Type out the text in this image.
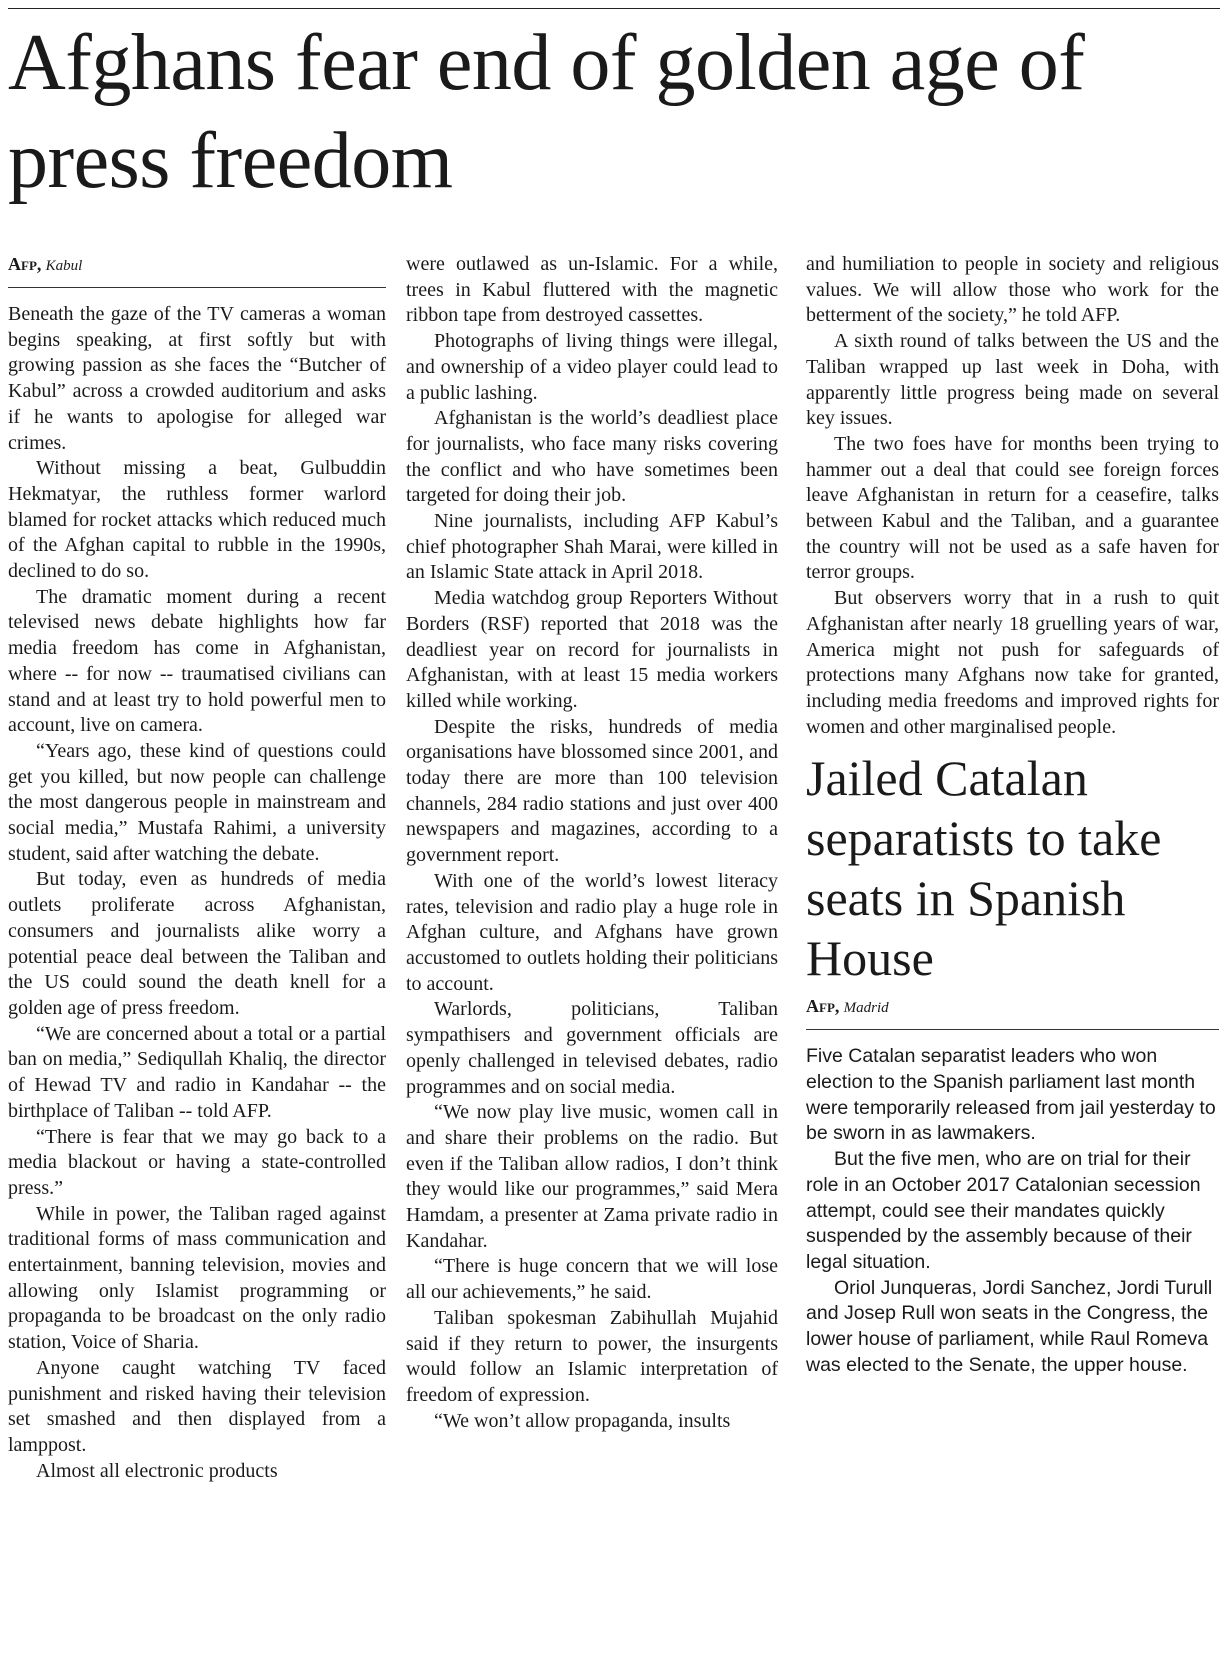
Afghans fear end of golden age of press freedom
Afp, Kabul

Beneath the gaze of the TV cameras a woman begins speaking, at first softly but with growing passion as she faces the “Butcher of Kabul” across a crowded auditorium and asks if he wants to apologise for alleged war crimes.

Without missing a beat, Gulbuddin Hekmatyar, the ruthless former warlord blamed for rocket attacks which reduced much of the Afghan capital to rubble in the 1990s, declined to do so.

The dramatic moment during a recent televised news debate highlights how far media freedom has come in Afghanistan, where -- for now -- traumatised civilians can stand and at least try to hold powerful men to account, live on camera.

“Years ago, these kind of questions could get you killed, but now people can challenge the most dangerous people in mainstream and social media,” Mustafa Rahimi, a university student, said after watching the debate.

But today, even as hundreds of media outlets proliferate across Afghanistan, consumers and journalists alike worry a potential peace deal between the Taliban and the US could sound the death knell for a golden age of press freedom.

“We are concerned about a total or a partial ban on media,” Sediqullah Khaliq, the director of Hewad TV and radio in Kandahar -- the birthplace of Taliban -- told AFP.

“There is fear that we may go back to a media blackout or having a state-controlled press.”

While in power, the Taliban raged against traditional forms of mass communication and entertainment, banning television, movies and allowing only Islamist programming or propaganda to be broadcast on the only radio station, Voice of Sharia.

Anyone caught watching TV faced punishment and risked having their television set smashed and then displayed from a lamppost.

Almost all electronic products

were outlawed as un-Islamic. For a while, trees in Kabul fluttered with the magnetic ribbon tape from destroyed cassettes.

Photographs of living things were illegal, and ownership of a video player could lead to a public lashing.

Afghanistan is the world’s deadliest place for journalists, who face many risks covering the conflict and who have sometimes been targeted for doing their job.

Nine journalists, including AFP Kabul’s chief photographer Shah Marai, were killed in an Islamic State attack in April 2018.

Media watchdog group Reporters Without Borders (RSF) reported that 2018 was the deadliest year on record for journalists in Afghanistan, with at least 15 media workers killed while working.

Despite the risks, hundreds of media organisations have blossomed since 2001, and today there are more than 100 television channels, 284 radio stations and just over 400 newspapers and magazines, according to a government report.

With one of the world’s lowest literacy rates, television and radio play a huge role in Afghan culture, and Afghans have grown accustomed to outlets holding their politicians to account.

Warlords, politicians, Taliban sympathisers and government officials are openly challenged in televised debates, radio programmes and on social media.

“We now play live music, women call in and share their problems on the radio. But even if the Taliban allow radios, I don’t think they would like our programmes,” said Mera Hamdam, a presenter at Zama private radio in Kandahar.

“There is huge concern that we will lose all our achievements,” he said.

Taliban spokesman Zabihullah Mujahid said if they return to power, the insurgents would follow an Islamic interpretation of freedom of expression.

“We won’t allow propaganda, insults

and humiliation to people in society and religious values. We will allow those who work for the betterment of the society,” he told AFP.

A sixth round of talks between the US and the Taliban wrapped up last week in Doha, with apparently little progress being made on several key issues.

The two foes have for months been trying to hammer out a deal that could see foreign forces leave Afghanistan in return for a ceasefire, talks between Kabul and the Taliban, and a guarantee the country will not be used as a safe haven for terror groups.

But observers worry that in a rush to quit Afghanistan after nearly 18 gruelling years of war, America might not push for safeguards of protections many Afghans now take for granted, including media freedoms and improved rights for women and other marginalised people.

Jailed Catalan separatists to take seats in Spanish House
Afp, Madrid

Five Catalan separatist leaders who won election to the Spanish parliament last month were temporarily released from jail yesterday to be sworn in as lawmakers.

But the five men, who are on trial for their role in an October 2017 Catalonian secession attempt, could see their mandates quickly suspended by the assembly because of their legal situation.

Oriol Junqueras, Jordi Sanchez, Jordi Turull and Josep Rull won seats in the Congress, the lower house of parliament, while Raul Romeva was elected to the Senate, the upper house.
